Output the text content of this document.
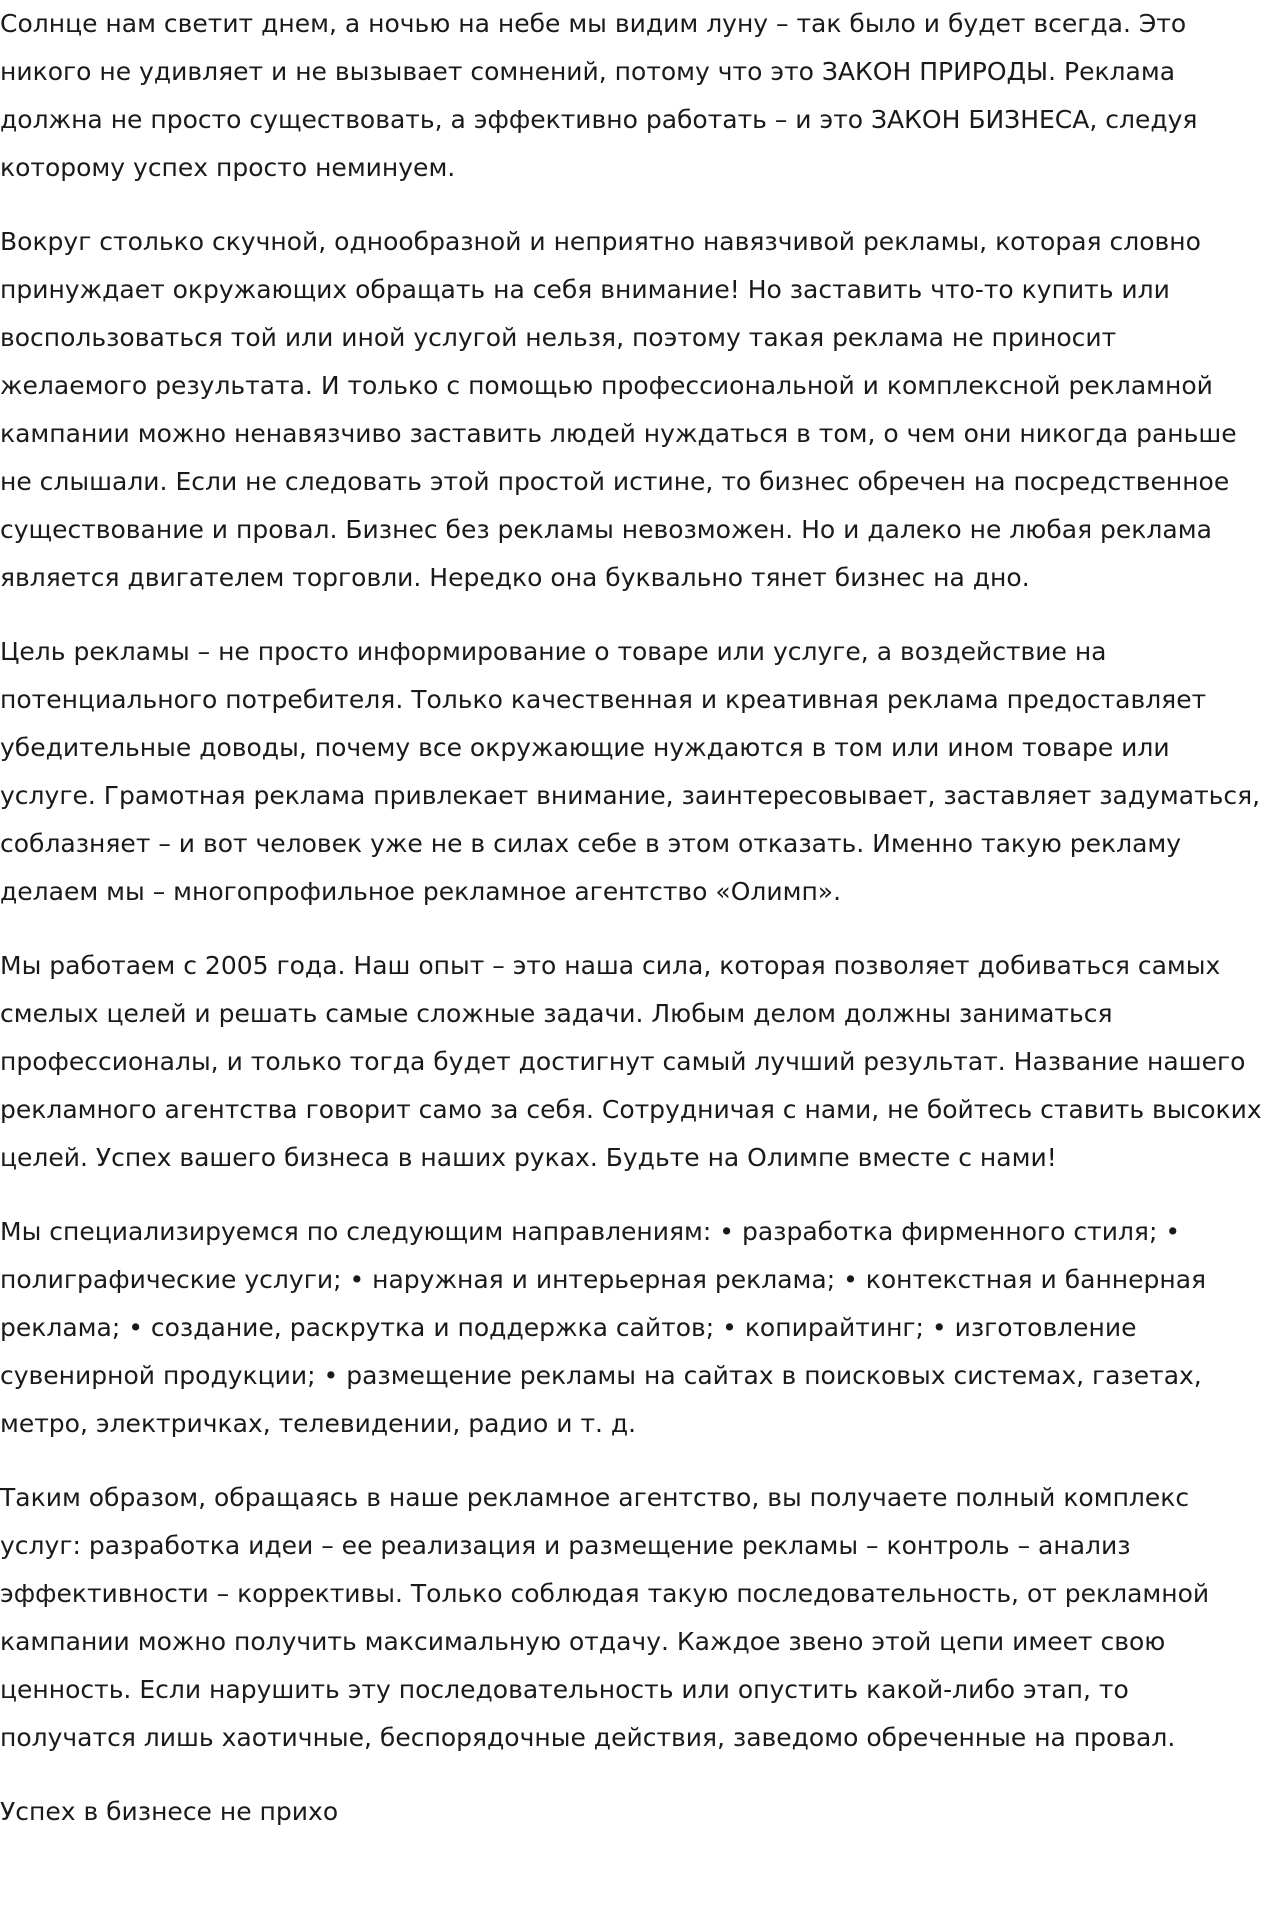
Солнце нам светит днем, а ночью на небе мы видим луну – так было и будет всегда. Это никого не удивляет и не вызывает сомнений, потому что это ЗАКОН ПРИРОДЫ. Реклама должна не просто существовать, а эффективно работать – и это ЗАКОН БИЗНЕСА, следуя которому успех просто неминуем.

Вокруг столько скучной, однообразной и неприятно навязчивой рекламы, которая словно принуждает окружающих обращать на себя внимание! Но заставить что-то купить или воспользоваться той или иной услугой нельзя, поэтому такая реклама не приносит желаемого результата. И только с помощью профессиональной и комплексной рекламной кампании можно ненавязчиво заставить людей нуждаться в том, о чем они никогда раньше не слышали. Если не следовать этой простой истине, то бизнес обречен на посредственное существование и провал. Бизнес без рекламы невозможен. Но и далеко не любая реклама является двигателем торговли. Нередко она буквально тянет бизнес на дно.

Цель рекламы – не просто информирование о товаре или услуге, а воздействие на потенциального потребителя. Только качественная и креативная реклама предоставляет убедительные доводы, почему все окружающие нуждаются в том или ином товаре или услуге. Грамотная реклама привлекает внимание, заинтересовывает, заставляет задуматься, соблазняет – и вот человек уже не в силах себе в этом отказать. Именно такую рекламу делаем мы – многопрофильное рекламное агентство «Олимп».

Мы работаем с 2005 года. Наш опыт – это наша сила, которая позволяет добиваться самых смелых целей и решать самые сложные задачи. Любым делом должны заниматься профессионалы, и только тогда будет достигнут самый лучший результат. Название нашего рекламного агентства говорит само за себя. Сотрудничая с нами, не бойтесь ставить высоких целей. Успех вашего бизнеса в наших руках. Будьте на Олимпе вместе с нами!

Мы специализируемся по следующим направлениям: • разработка фирменного стиля; • полиграфические услуги; • наружная и интерьерная реклама; • контекстная и баннерная реклама; • создание, раскрутка и поддержка сайтов; • копирайтинг; • изготовление сувенирной продукции; • размещение рекламы на сайтах в поисковых системах, газетах, метро, электричках, телевидении, радио и т. д.

Таким образом, обращаясь в наше рекламное агентство, вы получаете полный комплекс услуг: разработка идеи – ее реализация и размещение рекламы – контроль – анализ эффективности – коррективы. Только соблюдая такую последовательность, от рекламной кампании можно получить максимальную отдачу. Каждое звено этой цепи имеет свою ценность. Если нарушить эту последовательность или опустить какой-либо этап, то получатся лишь хаотичные, беспорядочные действия, заведомо обреченные на провал.

Успех в бизнесе не прихо
